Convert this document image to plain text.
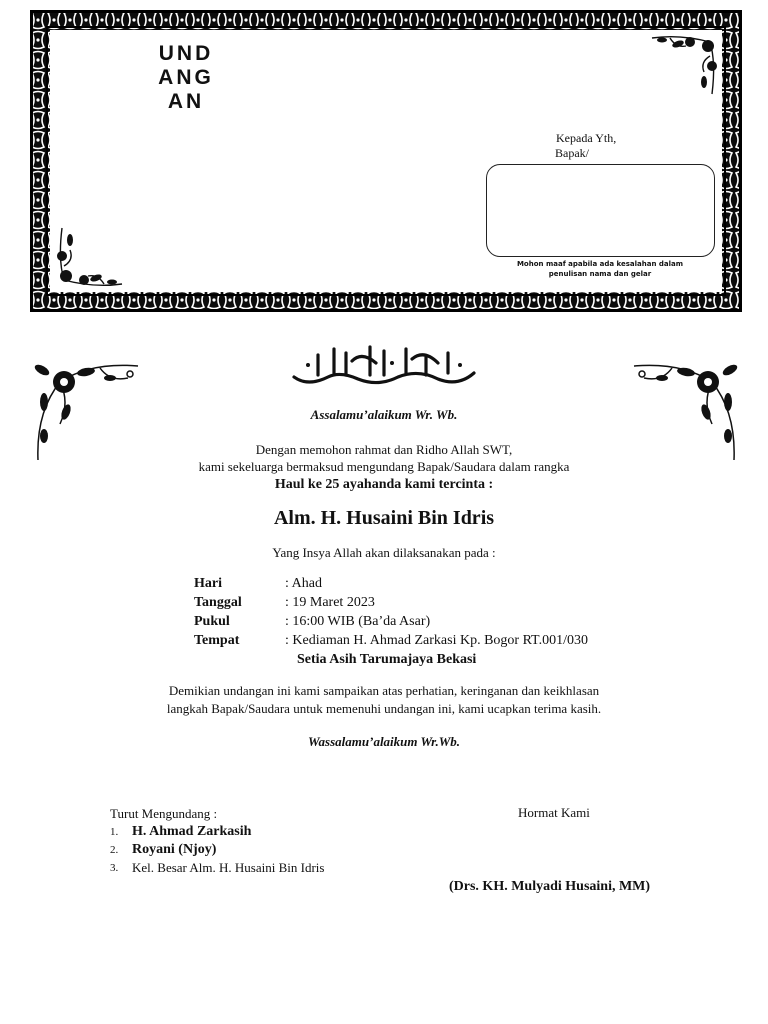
UND
ANG
AN
Kepada Yth,
Bapak/
Mohon maaf apabila ada kesalahan dalam penulisan nama dan gelar
Assalamu’alaikum Wr. Wb.
Dengan memohon rahmat dan Ridho Allah SWT,
kami sekeluarga bermaksud mengundang Bapak/Saudara dalam rangka
Haul ke 25 ayahanda kami tercinta :
Alm. H. Husaini Bin Idris
Yang Insya Allah akan dilaksanakan pada :
Hari	: Ahad
Tanggal	: 19 Maret 2023
Pukul	: 16:00 WIB (Ba’da Asar)
Tempat	: Kediaman H. Ahmad Zarkasi Kp. Bogor RT.001/030
Setia Asih Tarumajaya Bekasi
Demikian undangan ini kami sampaikan atas perhatian, keringanan dan keikhlasan
langkah Bapak/Saudara untuk memenuhi undangan ini, kami ucapkan terima kasih.
Wassalamu’alaikum Wr.Wb.
Turut Mengundang :
1. H. Ahmad Zarkasih
2. Royani (Njoy)
3.	Kel. Besar Alm. H. Husaini Bin Idris
Hormat Kami
(Drs. KH. Mulyadi Husaini, MM)
